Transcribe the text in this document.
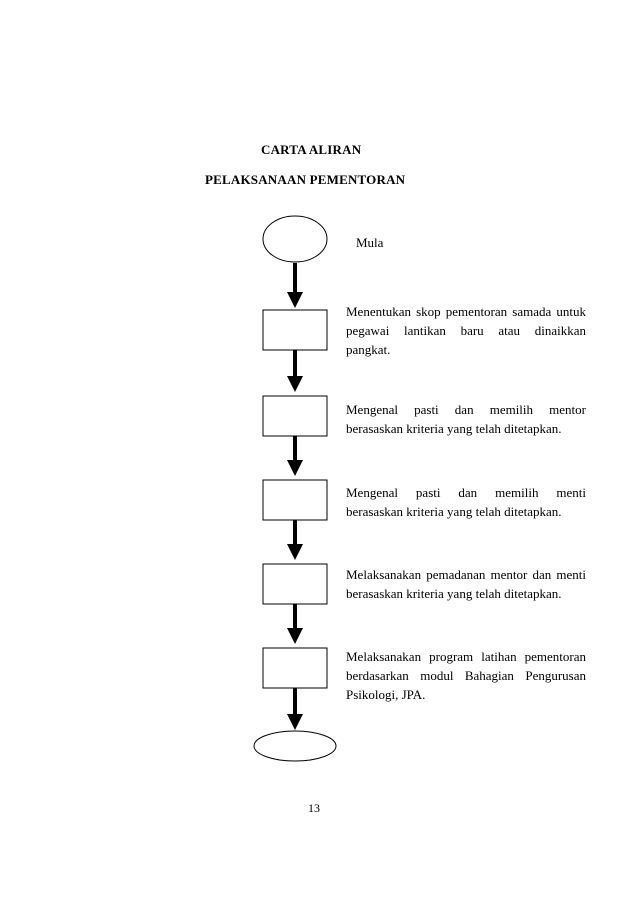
CARTA ALIRAN
PELAKSANAAN PEMENTORAN
Mula
Menentukan skop pementoran samada untuk pegawai lantikan baru atau dinaikkan pangkat.
Mengenal pasti dan memilih mentor berasaskan kriteria yang telah ditetapkan.
Mengenal pasti dan memilih menti berasaskan kriteria yang telah ditetapkan.
Melaksanakan pemadanan mentor dan menti berasaskan kriteria yang telah ditetapkan.
Melaksanakan program latihan pementoran berdasarkan modul Bahagian Pengurusan Psikologi, JPA.
13
